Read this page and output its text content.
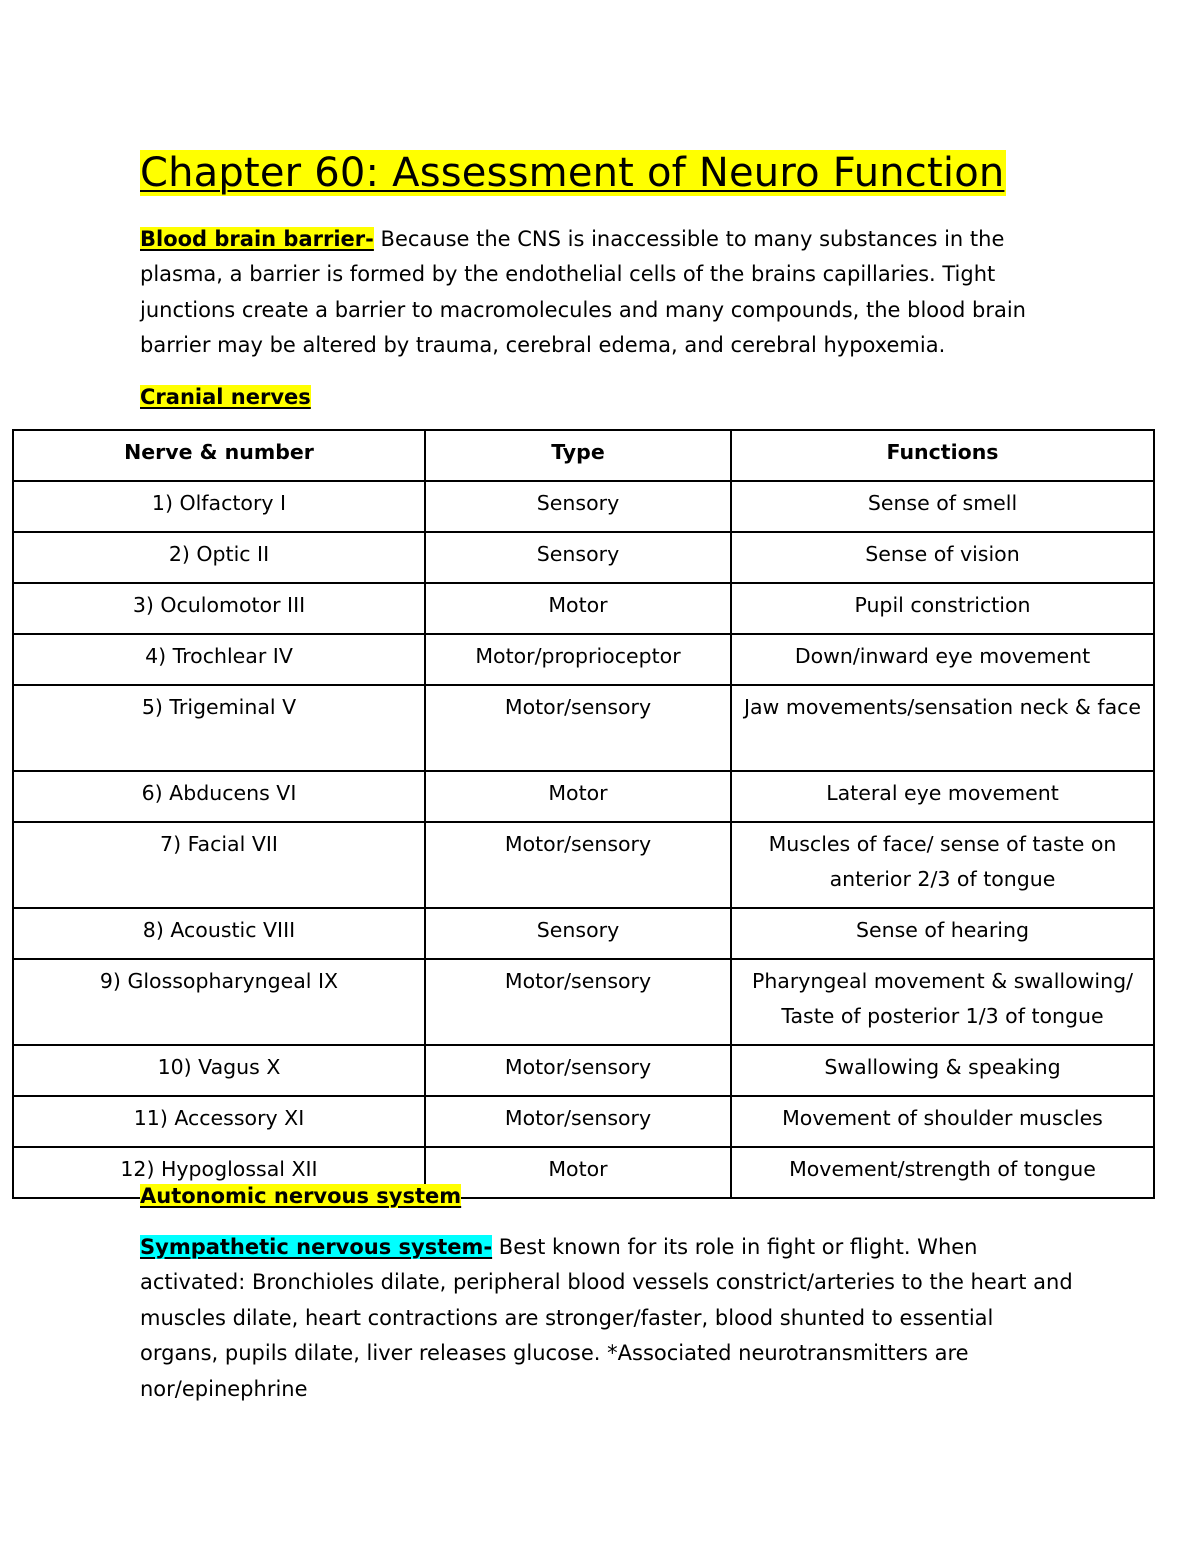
Chapter 60: Assessment of Neuro Function

Blood brain barrier- Because the CNS is inaccessible to many substances in the plasma, a barrier is formed by the endothelial cells of the brains capillaries. Tight junctions create a barrier to macromolecules and many compounds, the blood brain barrier may be altered by trauma, cerebral edema, and cerebral hypoxemia.

Cranial nerves
Nerve & number	Type	Functions
1) Olfactory I	Sensory	Sense of smell
2) Optic II	Sensory	Sense of vision
3) Oculomotor III	Motor	Pupil constriction
4) Trochlear IV	Motor/proprioceptor	Down/inward eye movement
5) Trigeminal V	Motor/sensory	Jaw movements/sensation neck & face
6) Abducens VI	Motor	Lateral eye movement
7) Facial VII	Motor/sensory	Muscles of face/ sense of taste on anterior 2/3 of tongue
8) Acoustic VIII	Sensory	Sense of hearing
9) Glossopharyngeal IX	Motor/sensory	Pharyngeal movement & swallowing/ Taste of posterior 1/3 of tongue
10) Vagus X	Motor/sensory	Swallowing & speaking
11) Accessory XI	Motor/sensory	Movement of shoulder muscles
12) Hypoglossal XII	Motor	Movement/strength of tongue
Autonomic nervous system

Sympathetic nervous system- Best known for its role in fight or flight. When activated: Bronchioles dilate, peripheral blood vessels constrict/arteries to the heart and muscles dilate, heart contractions are stronger/faster, blood shunted to essential organs, pupils dilate, liver releases glucose. *Associated neurotransmitters are nor/epinephrine
